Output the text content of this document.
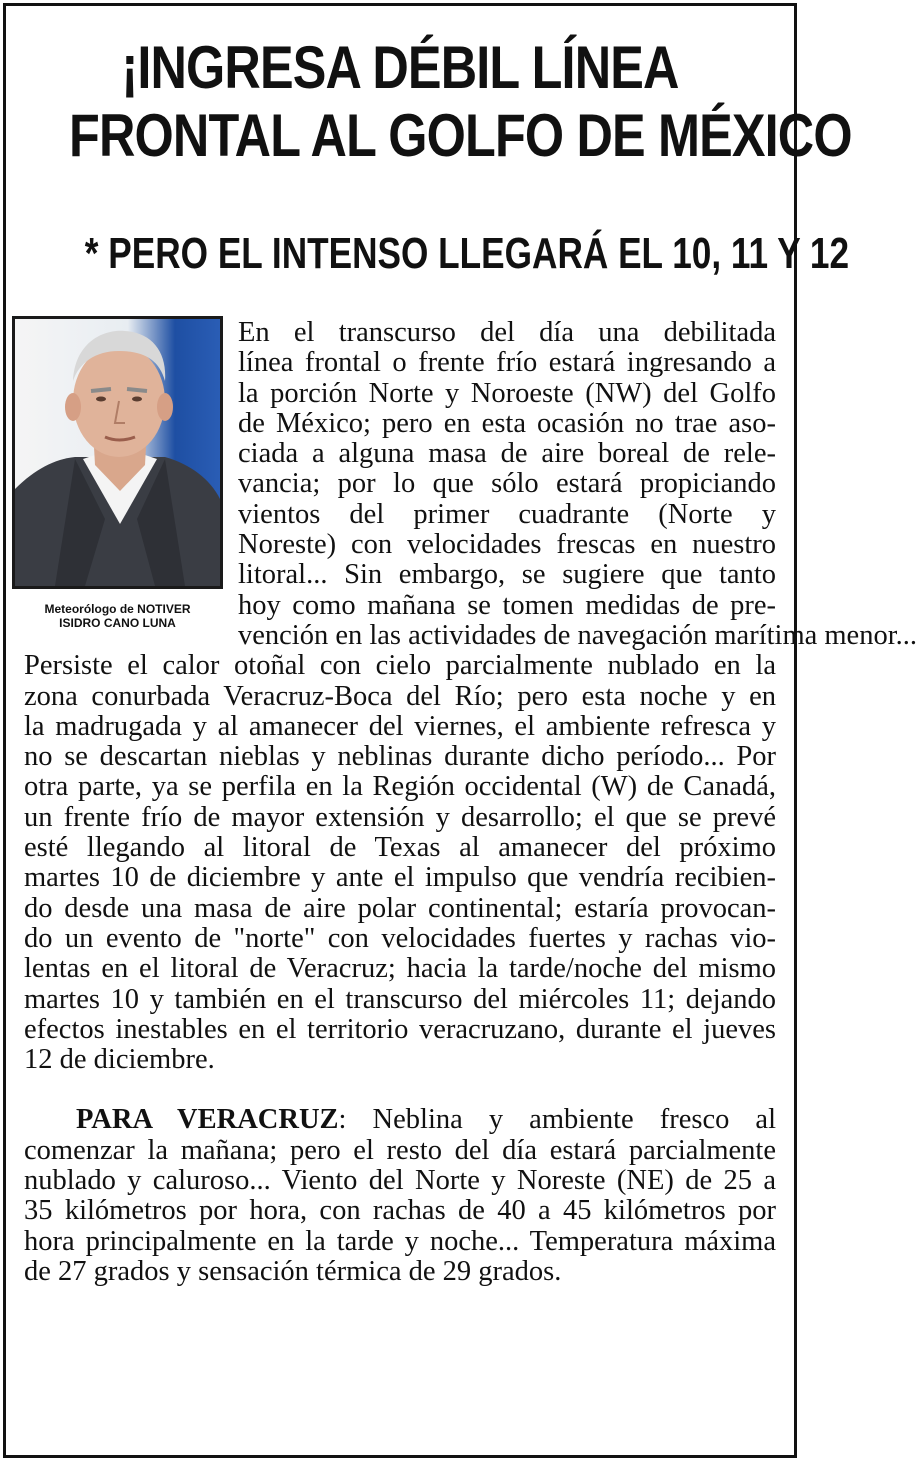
¡INGRESA DÉBIL LÍNEA
FRONTAL AL GOLFO DE MÉXICO
* PERO EL INTENSO LLEGARÁ EL 10, 11 Y 12
Meteorólogo de NOTIVER
ISIDRO CANO LUNA
En el transcurso del día una debilitada
línea frontal o frente frío estará ingresando a
la porción Norte y Noroeste (NW) del Golfo
de México; pero en esta ocasión no trae aso-
ciada a alguna masa de aire boreal de rele-
vancia; por lo que sólo estará propiciando
vientos del primer cuadrante (Norte y
Noreste) con velocidades frescas en nuestro
litoral... Sin embargo, se sugiere que tanto
hoy como mañana se tomen medidas de pre-
vención en las actividades de navegación marítima menor...
Persiste el calor otoñal con cielo parcialmente nublado en la
zona conurbada Veracruz-Boca del Río; pero esta noche y en
la madrugada y al amanecer del viernes, el ambiente refresca y
no se descartan nieblas y neblinas durante dicho período... Por
otra parte, ya se perfila en la Región occidental (W) de Canadá,
un frente frío de mayor extensión y desarrollo; el que se prevé
esté llegando al litoral de Texas al amanecer del próximo
martes 10 de diciembre y ante el impulso que vendría recibien-
do desde una masa de aire polar continental; estaría provocan-
do un evento de "norte" con velocidades fuertes y rachas vio-
lentas en el litoral de Veracruz; hacia la tarde/noche del mismo
martes 10 y también en el transcurso del miércoles 11; dejando
efectos inestables en el territorio veracruzano, durante el jueves
12 de diciembre.
PARA VERACRUZ: Neblina y ambiente fresco al
comenzar la mañana; pero el resto del día estará parcialmente
nublado y caluroso... Viento del Norte y Noreste (NE) de 25 a
35 kilómetros por hora, con rachas de 40 a 45 kilómetros por
hora principalmente en la tarde y noche... Temperatura máxima
de 27 grados y sensación térmica de 29 grados.
